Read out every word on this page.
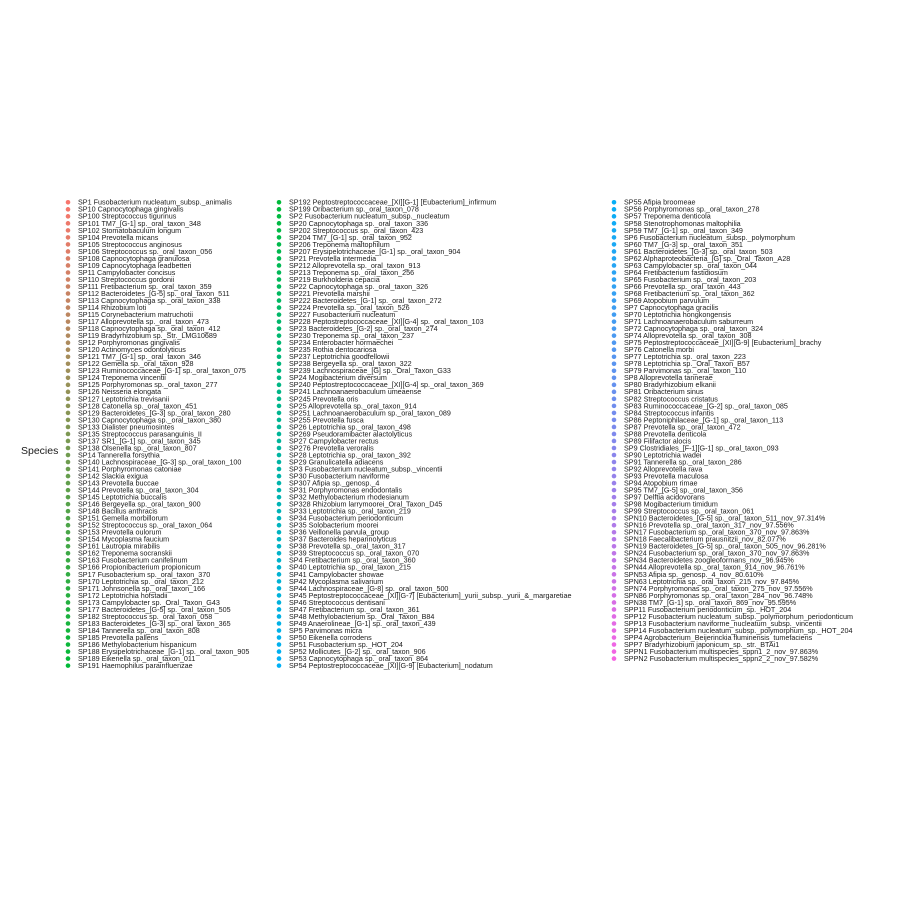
Species
SP1 Fusobacterium nucleatum_subsp._animalis
SP10 Capnocytophaga gingivalis
SP100 Streptococcus tigurinus
SP101 TM7_[G-1] sp._oral_taxon_348
SP102 Stomatobaculum longum
SP104 Prevotella micans
SP105 Streptococcus anginosus
SP106 Streptococcus sp._oral_taxon_056
SP108 Capnocytophaga granulosa
SP109 Capnocytophaga leadbetteri
SP11 Campylobacter concisus
SP110 Streptococcus gordonii
SP111 Fretibacterium sp._oral_taxon_359
SP112 Bacteroidetes_[G-5] sp._oral_taxon_511
SP113 Capnocytophaga sp._oral_taxon_338
SP114 Rhizobium loti
SP115 Corynebacterium matruchotii
SP117 Alloprevotella sp._oral_taxon_473
SP118 Capnocytophaga sp._oral_taxon_412
SP119 Bradyrhizobium sp._Str._LMG10689
SP12 Porphyromonas gingivalis
SP120 Actinomyces odontolyticus
SP121 TM7_[G-1] sp._oral_taxon_346
SP122 Gemella sp._oral_taxon_928
SP123 Ruminococcaceae_[G-1] sp._oral_taxon_075
SP124 Treponema vincentii
SP125 Porphyromonas sp._oral_taxon_277
SP126 Neisseria elongata
SP127 Leptotrichia trevisanii
SP128 Catonella sp._oral_taxon_451
SP129 Bacteroidetes_[G-3] sp._oral_taxon_280
SP130 Capnocytophaga sp._oral_taxon_380
SP133 Dialister pneumosintes
SP135 Streptococcus parasanguinis_II
SP137 SR1_[G-1] sp._oral_taxon_345
SP138 Olsenella sp._oral_taxon_807
SP14 Tannerella forsythia
SP140 Lachnospiraceae_[G-3] sp._oral_taxon_100
SP141 Porphyromonas catoniae
SP142 Slackia exigua
SP143 Prevotella buccae
SP144 Prevotella sp._oral_taxon_304
SP145 Leptotrichia buccalis
SP146 Bergeyella sp._oral_taxon_900
SP148 Bacillus anthracis
SP151 Gemella morbillorum
SP152 Streptococcus sp._oral_taxon_064
SP153 Prevotella oulorum
SP154 Mycoplasma faucium
SP161 Lautropia mirabilis
SP162 Treponema socranskii
SP163 Fusobacterium canifelinum
SP166 Propionibacterium propionicum
SP17 Fusobacterium sp._oral_taxon_370
SP170 Leptotrichia sp._oral_taxon_212
SP171 Johnsonella sp._oral_taxon_166
SP172 Leptotrichia hofstadii
SP173 Campylobacter sp._Oral_Taxon_G43
SP177 Bacteroidetes_[G-5] sp._oral_taxon_505
SP182 Streptococcus sp._oral_taxon_058
SP183 Bacteroidetes_[G-3] sp._oral_taxon_365
SP184 Tannerella sp._oral_taxon_808
SP185 Prevotella pallens
SP186 Methylobacterium hispanicum
SP188 Erysipelotrichaceae_[G-1] sp._oral_taxon_905
SP189 Eikenella sp._oral_taxon_011
SP191 Haemophilus parainfluenzae
SP192 Peptostreptococcaceae_[XI][G-1] [Eubacterium]_infirmum
SP199 Oribacterium sp._oral_taxon_078
SP2 Fusobacterium nucleatum_subsp._nucleatum
SP20 Capnocytophaga sp._oral_taxon_336
SP202 Streptococcus sp._oral_taxon_423
SP204 TM7_[G-1] sp._oral_taxon_952
SP206 Treponema maltophilum
SP207 Erysipelotrichaceae_[G-1] sp._oral_taxon_904
SP21 Prevotella intermedia
SP212 Alloprevotella sp._oral_taxon_913
SP213 Treponema sp._oral_taxon_256
SP219 Burkholderia cepacia
SP22 Capnocytophaga sp._oral_taxon_326
SP221 Prevotella marshii
SP222 Bacteroidetes_[G-1] sp._oral_taxon_272
SP224 Prevotella sp._oral_taxon_526
SP227 Fusobacterium nucleatum
SP228 Peptostreptococcaceae_[XI][G-4] sp._oral_taxon_103
SP23 Bacteroidetes_[G-2] sp._oral_taxon_274
SP230 Treponema sp._oral_taxon_237
SP234 Enterobacter hormaechei
SP235 Rothia dentocariosa
SP237 Leptotrichia goodfellowii
SP238 Bergeyella sp._oral_taxon_322
SP239 Lachnospiraceae_[G] sp._Oral_Taxon_G33
SP24 Mogibacterium diversum
SP240 Peptostreptococcaceae_[XI][G-4] sp._oral_taxon_369
SP241 Lachnoanaerobaculum umeaense
SP245 Prevotella oris
SP25 Alloprevotella sp._oral_taxon_914
SP251 Lachnoanaerobaculum sp._oral_taxon_089
SP255 Prevotella fusca
SP26 Leptotrichia sp._oral_taxon_498
SP269 Pseudoramibacter alactolyticus
SP27 Campylobacter rectus
SP276 Prevotella veroralis
SP28 Leptotrichia sp._oral_taxon_392
SP29 Granulicatella adiacens
SP3 Fusobacterium nucleatum_subsp._vincentii
SP30 Fusobacterium naviforme
SP307 Afipia sp._genosp._4
SP31 Porphyromonas endodontalis
SP32 Methylobacterium rhodesianum
SP328 Rhizobium larrymoorei_Oral_Taxon_D45
SP33 Leptotrichia sp._oral_taxon_219
SP34 Fusobacterium periodonticum
SP35 Solobacterium moorei
SP36 Veillonella parvula_group
SP37 Bacteroides heparinolyticus
SP38 Prevotella sp._oral_taxon_317
SP39 Streptococcus sp._oral_taxon_070
SP4 Fretibacterium sp._oral_taxon_360
SP40 Leptotrichia sp._oral_taxon_215
SP41 Campylobacter showae
SP42 Mycoplasma salivarium
SP44 Lachnospiraceae_[G-8] sp._oral_taxon_500
SP45 Peptostreptococcaceae_[XI][G-7] [Eubacterium]_yurii_subsp._yurii_&_margaretiae
SP46 Streptococcus dentisani
SP47 Fretibacterium sp._oral_taxon_361
SP48 Methylobacterium sp._Oral_Taxon_B84
SP49 Anaerolineae_[G-1] sp._oral_taxon_439
SP5 Parvimonas micra
SP50 Eikenella corrodens
SP51 Fusobacterium sp._HOT_204
SP52 Mollicutes_[G-2] sp._oral_taxon_906
SP53 Capnocytophaga sp._oral_taxon_864
SP54 Peptostreptococcaceae_[XI][G-9] [Eubacterium]_nodatum
SP55 Afipia broomeae
SP56 Porphyromonas sp._oral_taxon_278
SP57 Treponema denticola
SP58 Stenotrophomonas maltophilia
SP59 TM7_[G-1] sp._oral_taxon_349
SP6 Fusobacterium nucleatum_subsp._polymorphum
SP60 TM7_[G-3] sp._oral_taxon_351
SP61 Bacteroidetes_[G-3] sp._oral_taxon_503
SP62 Alphaproteobacteria_[G] sp._Oral_Taxon_A28
SP63 Campylobacter sp._oral_taxon_044
SP64 Fretibacterium fastidiosum
SP65 Fusobacterium sp._oral_taxon_203
SP66 Prevotella sp._oral_taxon_443
SP68 Fretibacterium sp._oral_taxon_362
SP69 Atopobium parvulum
SP7 Capnocytophaga gracilis
SP70 Leptotrichia hongkongensis
SP71 Lachnoanaerobaculum saburreum
SP72 Capnocytophaga sp._oral_taxon_324
SP74 Alloprevotella sp._oral_taxon_308
SP75 Peptostreptococcaceae_[XI][G-9] [Eubacterium]_brachy
SP76 Catonella morbi
SP77 Leptotrichia sp._oral_taxon_223
SP78 Leptotrichia sp._Oral_Taxon_B57
SP79 Parvimonas sp._oral_taxon_110
SP8 Alloprevotella tannerae
SP80 Bradyrhizobium elkanii
SP81 Oribacterium sinus
SP82 Streptococcus cristatus
SP83 Ruminococcaceae_[G-2] sp._oral_taxon_085
SP84 Streptococcus infantis
SP86 Peptoniphilaceae_[G-1] sp._oral_taxon_113
SP87 Prevotella sp._oral_taxon_472
SP88 Prevotella denticola
SP89 Filifactor alocis
SP9 Clostridiales_[F-1][G-1] sp._oral_taxon_093
SP90 Leptotrichia wadei
SP91 Tannerella sp._oral_taxon_286
SP92 Alloprevotella rava
SP93 Prevotella maculosa
SP94 Atopobium rimae
SP95 TM7_[G-5] sp._oral_taxon_356
SP97 Delftia acidovorans
SP98 Mogibacterium timidum
SP99 Streptococcus sp._oral_taxon_061
SPN10 Bacteroidetes_[G-5] sp._oral_taxon_511_nov_97.314%
SPN16 Prevotella sp._oral_taxon_317_nov_97.556%
SPN17 Fusobacterium sp._oral_taxon_370_nov_97.863%
SPN18 Faecalibacterium prausnitzii_nov_82.077%
SPN19 Bacteroidetes_[G-5] sp._oral_taxon_505_nov_96.281%
SPN24 Fusobacterium sp._oral_taxon_370_nov_97.863%
SPN34 Bacteroidetes zoogleoformans_nov_96.945%
SPN44 Alloprevotella sp._oral_taxon_914_nov_96.761%
SPN53 Afipia sp._genosp._4_nov_80.610%
SPN63 Leptotrichia sp._oral_taxon_215_nov_97.845%
SPN74 Porphyromonas sp._oral_taxon_275_nov_97.556%
SPN86 Porphyromonas sp._oral_taxon_284_nov_96.748%
SPN38 TM7_[G-1] sp._oral_taxon_869_nov_95.595%
SPP11 Fusobacterium periodonticum_sp._HOT_204
SPP12 Fusobacterium nucleatum_subsp._polymorphum_periodonticum
SPP13 Fusobacterium naviforme_nucleatum_subsp._vincentii
SPP14 Fusobacterium nucleatum_subsp._polymorphum_sp._HOT_204
SPP4 Agrobacterium_Beijerinckia fluminensis_tumefaciens
SPP7 Bradyrhizobium japonicum_sp._str._BTAi1
SPPN1 Fusobacterium multispecies_sppn1_2_nov_97.863%
SPPN2 Fusobacterium multispecies_sppn2_2_nov_97.582%
